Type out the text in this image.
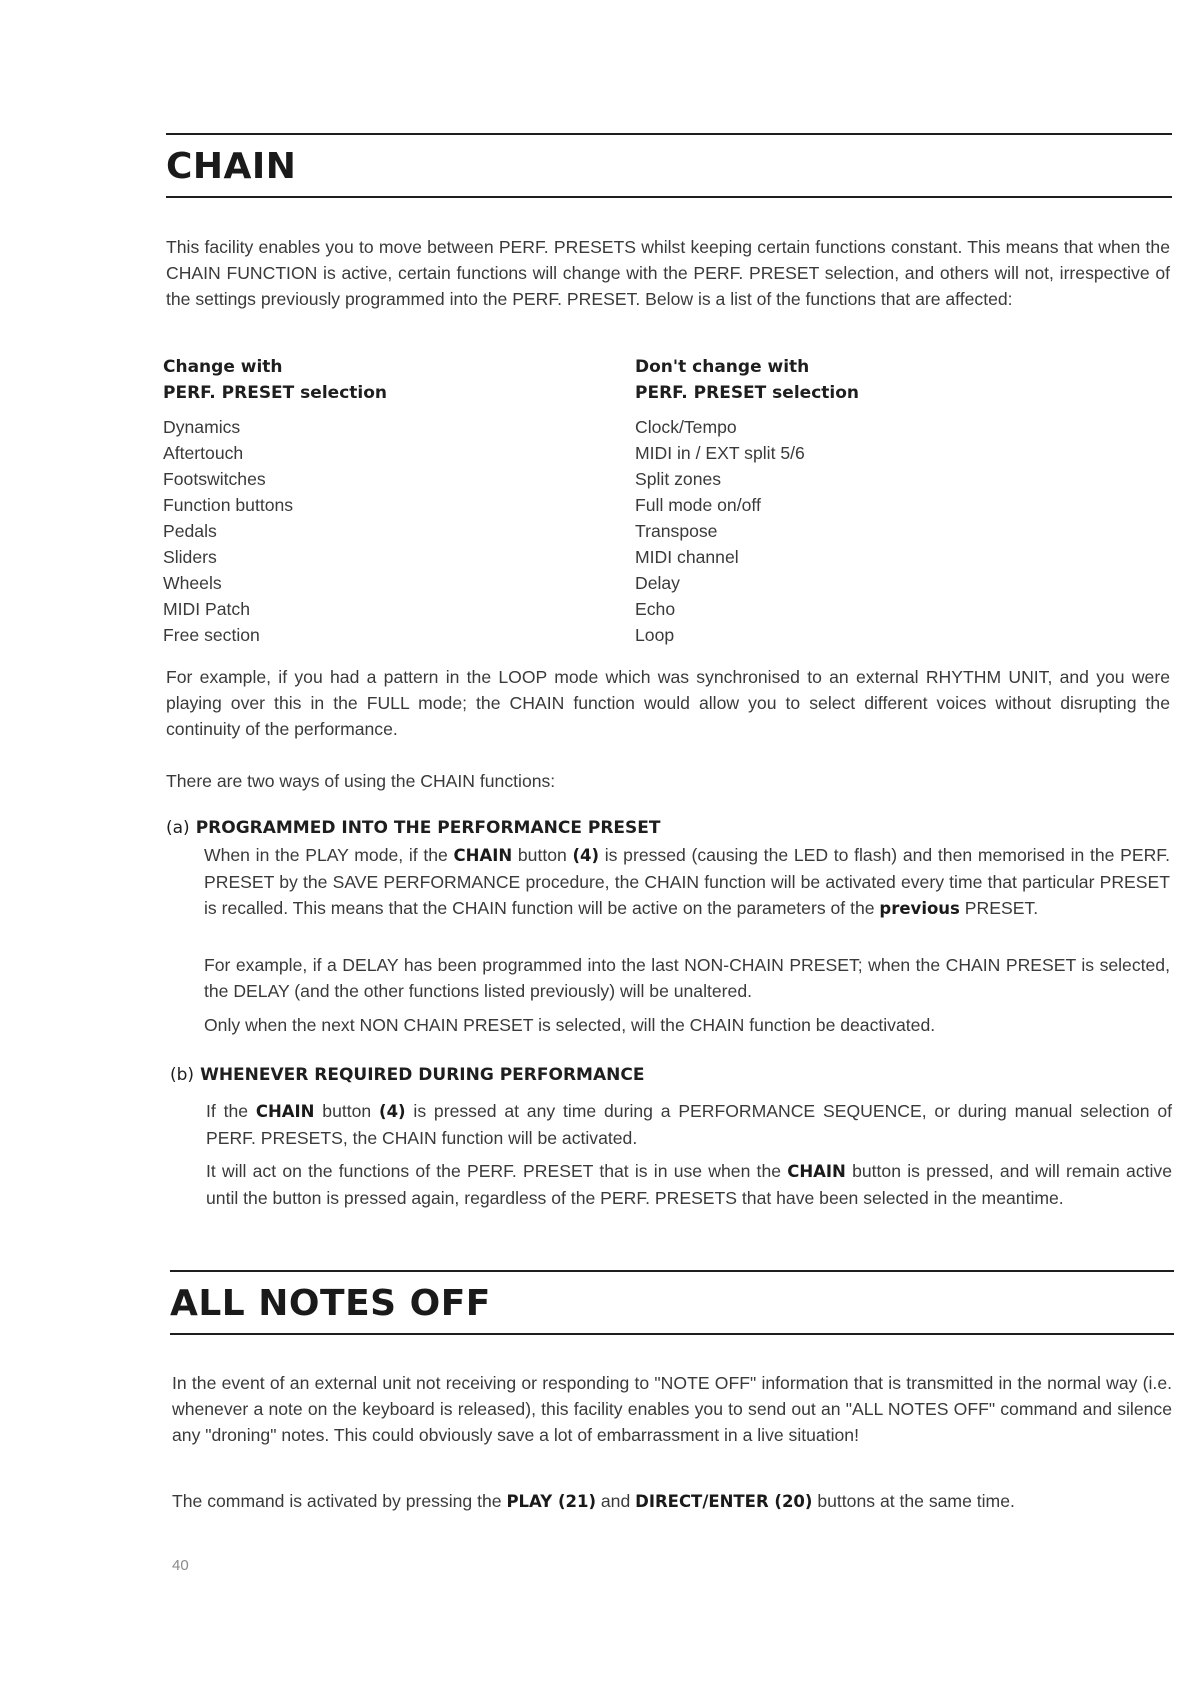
CHAIN

This facility enables you to move between PERF. PRESETS whilst keeping certain functions constant. This means that when the CHAIN FUNCTION is active, certain functions will change with the PERF. PRESET selection, and others will not, irrespective of the settings previously programmed into the PERF. PRESET. Below is a list of the functions that are affected:

Change with

PERF. PRESET selection

Dynamics
Aftertouch
Footswitches
Function buttons
Pedals
Sliders
Wheels
MIDI Patch
Free section

Don't change with

PERF. PRESET selection

Clock/Tempo
MIDI in / EXT split 5/6
Split zones
Full mode on/off
Transpose
MIDI channel
Delay
Echo
Loop

For example, if you had a pattern in the LOOP mode which was synchronised to an external RHYTHM UNIT, and you were playing over this in the FULL mode; the CHAIN function would allow you to select different voices without disrupting the continuity of the performance.

There are two ways of using the CHAIN functions:

(a) PROGRAMMED INTO THE PERFORMANCE PRESET

When in the PLAY mode, if the CHAIN button (4) is pressed (causing the LED to flash) and then memorised in the PERF. PRESET by the SAVE PERFORMANCE procedure, the CHAIN function will be activated every time that particular PRESET is recalled. This means that the CHAIN function will be active on the parameters of the previous PRESET.

For example, if a DELAY has been programmed into the last NON-CHAIN PRESET; when the CHAIN PRESET is selected, the DELAY (and the other functions listed previously) will be unaltered.

Only when the next NON CHAIN PRESET is selected, will the CHAIN function be deactivated.

(b) WHENEVER REQUIRED DURING PERFORMANCE

If the CHAIN button (4) is pressed at any time during a PERFORMANCE SEQUENCE, or during manual selection of PERF. PRESETS, the CHAIN function will be activated.

It will act on the functions of the PERF. PRESET that is in use when the CHAIN button is pressed, and will remain active until the button is pressed again, regardless of the PERF. PRESETS that have been selected in the meantime.

ALL NOTES OFF

In the event of an external unit not receiving or responding to "NOTE OFF" information that is transmitted in the normal way (i.e. whenever a note on the keyboard is released), this facility enables you to send out an "ALL NOTES OFF" command and silence any "droning" notes. This could obviously save a lot of embarrassment in a live situation!

The command is activated by pressing the PLAY (21) and DIRECT/ENTER (20) buttons at the same time.

40
